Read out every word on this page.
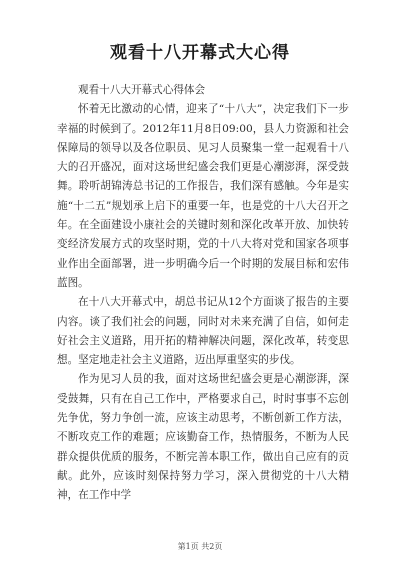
观看十八开幕式大心得

观看十八大开幕式心得体会

怀着无比激动的心情，迎来了“十八大”，决定我们下一步幸福的时候到了。2012年11月8日09:00，县人力资源和社会保障局的领导以及各位职员、见习人员聚集一堂一起观看十八大的召开盛况，面对这场世纪盛会我们更是心潮澎湃，深受鼓舞。聆听胡锦涛总书记的工作报告，我们深有感触。今年是实施“十二五”规划承上启下的重要一年，也是党的十八大召开之年。在全面建设小康社会的关键时刻和深化改革开放、加快转变经济发展方式的攻坚时期，党的十八大将对党和国家各项事业作出全面部署，进一步明确今后一个时期的发展目标和宏伟蓝图。

在十八大开幕式中，胡总书记从12个方面谈了报告的主要内容。谈了我们社会的问题，同时对未来充满了自信，如何走好社会主义道路，用开拓的精神解决问题，深化改革，转变思想。坚定地走社会主义道路，迈出厚重坚实的步伐。

作为见习人员的我，面对这场世纪盛会更是心潮澎湃，深受鼓舞，只有在自己工作中，严格要求自己，时时事事不忘创先争优，努力争创一流，应该主动思考，不断创新工作方法，不断攻克工作的难题；应该勤奋工作，热情服务，不断为人民群众提供优质的服务，不断完善本职工作，做出自己应有的贡献。此外，应该时刻保持努力学习，深入贯彻党的十八大精神，在工作中学

第1页 共2页
